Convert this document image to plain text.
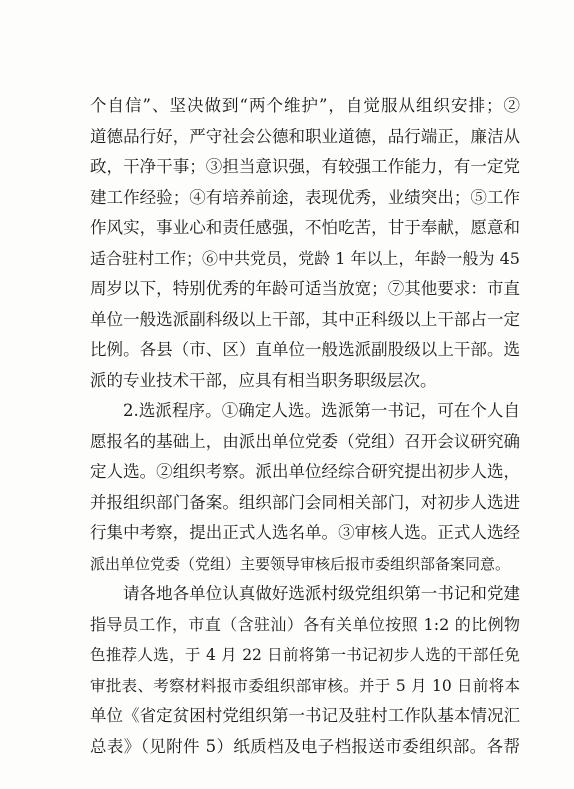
个自信”、坚决做到“两个维护”，自觉服从组织安排；②
道德品行好，严守社会公德和职业道德，品行端正，廉洁从
政，干净干事；③担当意识强，有较强工作能力，有一定党
建工作经验；④有培养前途，表现优秀，业绩突出；⑤工作
作风实，事业心和责任感强，不怕吃苦，甘于奉献，愿意和
适合驻村工作；⑥中共党员，党龄 1 年以上，年龄一般为 45
周岁以下，特别优秀的年龄可适当放宽；⑦其他要求：市直
单位一般选派副科级以上干部，其中正科级以上干部占一定
比例。各县（市、区）直单位一般选派副股级以上干部。选
派的专业技术干部，应具有相当职务职级层次。
2.选派程序。①确定人选。选派第一书记，可在个人自
愿报名的基础上，由派出单位党委（党组）召开会议研究确
定人选。②组织考察。派出单位经综合研究提出初步人选，
并报组织部门备案。组织部门会同相关部门，对初步人选进
行集中考察，提出正式人选名单。③审核人选。正式人选经
派出单位党委（党组）主要领导审核后报市委组织部备案同意。
请各地各单位认真做好选派村级党组织第一书记和党建
指导员工作，市直（含驻汕）各有关单位按照 1:2 的比例物
色推荐人选，于 4 月 22 日前将第一书记初步人选的干部任免
审批表、考察材料报市委组织部审核。并于 5 月 10 日前将本
单位《省定贫困村党组织第一书记及驻村工作队基本情况汇
总表》（见附件 5）纸质档及电子档报送市委组织部。各帮
